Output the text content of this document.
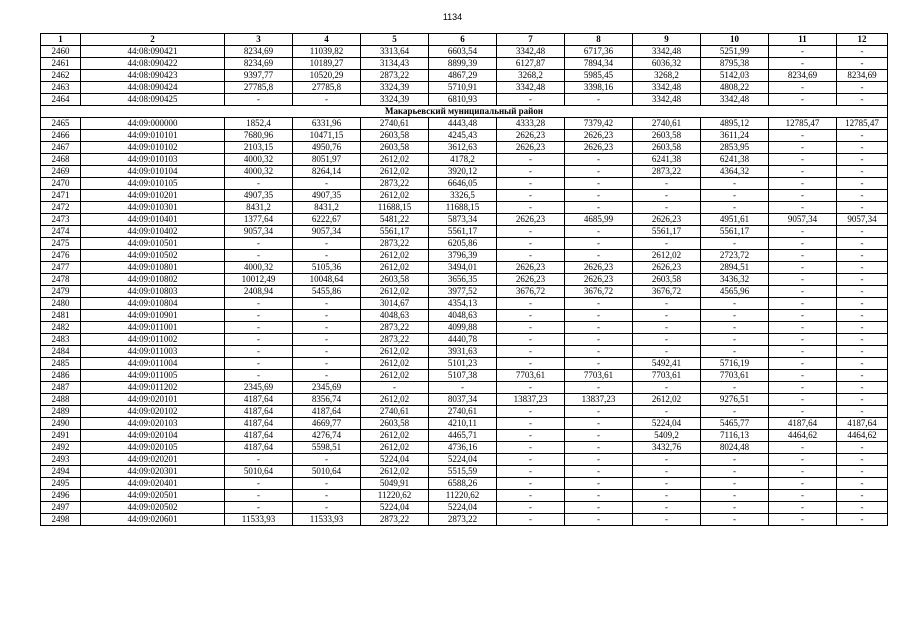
1134
1	2	3	4	5	6	7	8	9	10	11	12
2460	44:08:090421	8234,69	11039,82	3313,64	6603,54	3342,48	6717,36	3342,48	5251,99	-	-
2461	44:08:090422	8234,69	10189,27	3134,43	8899,39	6127,87	7894,34	6036,32	8795,38	-	-
2462	44:08:090423	9397,77	10520,29	2873,22	4867,29	3268,2	5985,45	3268,2	5142,03	8234,69	8234,69
2463	44:08:090424	27785,8	27785,8	3324,39	5710,91	3342,48	3398,16	3342,48	4808,22	-	-
2464	44:08:090425	-	-	3324,39	6810,93	-	-	3342,48	3342,48	-	-
Макарьевский муниципальный район											
2465	44:09:000000	1852,4	6331,96	2740,61	4443,48	4333,28	7379,42	2740,61	4895,12	12785,47	12785,47
2466	44:09:010101	7680,96	10471,15	2603,58	4245,43	2626,23	2626,23	2603,58	3611,24	-	-
2467	44:09:010102	2103,15	4950,76	2603,58	3612,63	2626,23	2626,23	2603,58	2853,95	-	-
2468	44:09:010103	4000,32	8051,97	2612,02	4178,2	-	-	6241,38	6241,38	-	-
2469	44:09:010104	4000,32	8264,14	2612,02	3920,12	-	-	2873,22	4364,32	-	-
2470	44:09:010105	-	-	2873,22	6646,05	-	-	-	-	-	-
2471	44:09:010201	4907,35	4907,35	2612,02	3326,5	-	-	-	-	-	-
2472	44:09:010301	8431,2	8431,2	11688,15	11688,15	-	-	-	-	-	-
2473	44:09:010401	1377,64	6222,67	5481,22	5873,34	2626,23	4685,99	2626,23	4951,61	9057,34	9057,34
2474	44:09:010402	9057,34	9057,34	5561,17	5561,17	-	-	5561,17	5561,17	-	-
2475	44:09:010501	-	-	2873,22	6205,86	-	-	-	-	-	-
2476	44:09:010502	-	-	2612,02	3796,39	-	-	2612,02	2723,72	-	-
2477	44:09:010801	4000,32	5105,36	2612,02	3494,01	2626,23	2626,23	2626,23	2894,51	-	-
2478	44:09:010802	10012,49	10048,64	2603,58	3656,35	2626,23	2626,23	2603,58	3436,32	-	-
2479	44:09:010803	2408,94	5455,86	2612,02	3977,52	3676,72	3676,72	3676,72	4565,96	-	-
2480	44:09:010804	-	-	3014,67	4354,13	-	-	-	-	-	-
2481	44:09:010901	-	-	4048,63	4048,63	-	-	-	-	-	-
2482	44:09:011001	-	-	2873,22	4099,88	-	-	-	-	-	-
2483	44:09:011002	-	-	2873,22	4440,78	-	-	-	-	-	-
2484	44:09:011003	-	-	2612,02	3931,63	-	-	-	-	-	-
2485	44:09:011004	-	-	2612,02	5101,23	-	-	5492,41	5716,19	-	-
2486	44:09:011005	-	-	2612,02	5107,38	7703,61	7703,61	7703,61	7703,61	-	-
2487	44:09:011202	2345,69	2345,69	-	-	-	-	-	-	-	-
2488	44:09:020101	4187,64	8356,74	2612,02	8037,34	13837,23	13837,23	2612,02	9276,51	-	-
2489	44:09:020102	4187,64	4187,64	2740,61	2740,61	-	-	-	-	-	-
2490	44:09:020103	4187,64	4669,77	2603,58	4210,11	-	-	5224,04	5465,77	4187,64	4187,64
2491	44:09:020104	4187,64	4276,74	2612,02	4465,71	-	-	5409,2	7116,13	4464,62	4464,62
2492	44:09:020105	4187,64	5598,51	2612,02	4736,16	-	-	3432,76	8024,48	-	-
2493	44:09:020201	-	-	5224,04	5224,04	-	-	-	-	-	-
2494	44:09:020301	5010,64	5010,64	2612,02	5515,59	-	-	-	-	-	-
2495	44:09:020401	-	-	5049,91	6588,26	-	-	-	-	-	-
2496	44:09:020501	-	-	11220,62	11220,62	-	-	-	-	-	-
2497	44:09:020502	-	-	5224,04	5224,04	-	-	-	-	-	-
2498	44:09:020601	11533,93	11533,93	2873,22	2873,22	-	-	-	-	-	-
